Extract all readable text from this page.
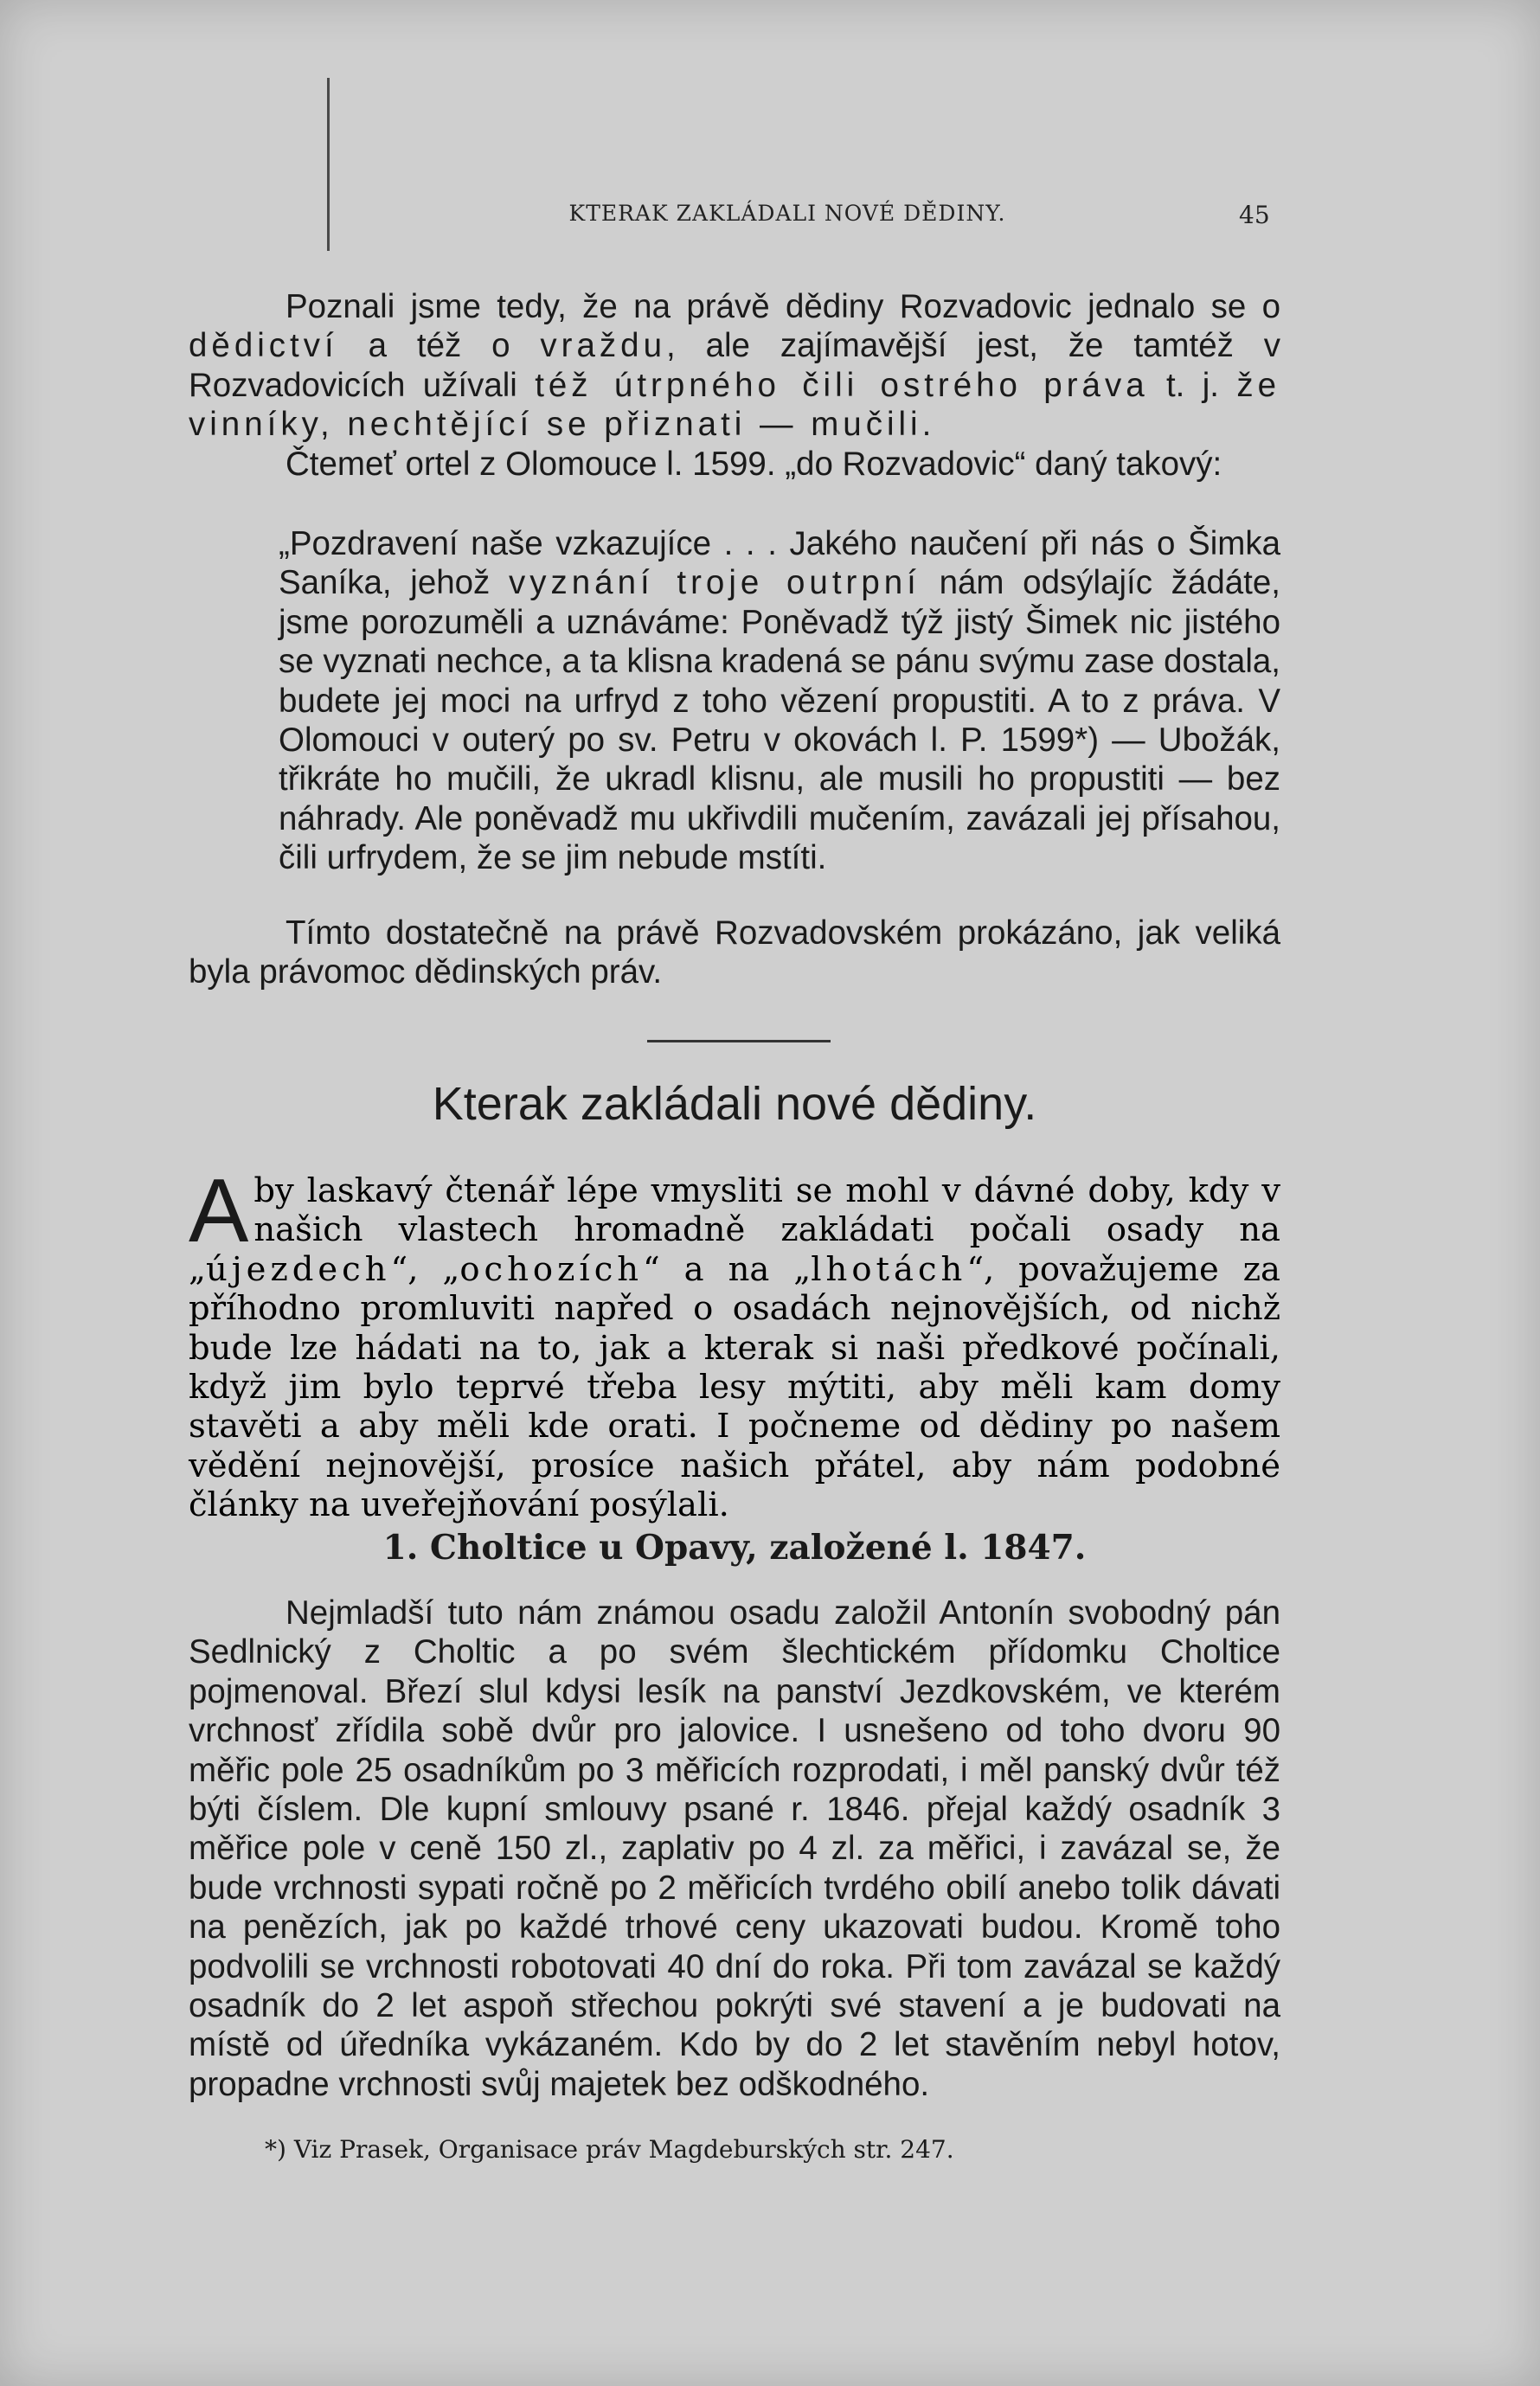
KTERAK ZAKLÁDALI NOVÉ DĚDINY.	45

Poznali jsme tedy, že na právě dědiny Rozvadovic jednalo se o dědictví a též o vraždu, ale zajímavější jest, že tamtéž v Rozvadovicích užívali též útrpného čili ostrého práva t. j. že vinníky, nechtějící se přiznati — mučili.

Čtemeť ortel z Olomouce l. 1599. „do Rozvadovic“ daný takový:

„Pozdravení naše vzkazujíce . . . Jakého naučení při nás o Šimka Saníka, jehož vyznání troje outrpní nám odsýlajíc žádáte, jsme porozuměli a uznáváme: Poněvadž týž jistý Šimek nic jistého se vyznati nechce, a ta klisna kradená se pánu svýmu zase dostala, budete jej moci na urfryd z toho vězení propustiti. A to z práva. V Olomouci v outerý po sv. Petru v okovách l. P. 1599*) — Ubožák, třikráte ho mučili, že ukradl klisnu, ale musili ho propustiti — bez náhrady. Ale poněvadž mu ukřivdili mučením, zavázali jej přísahou, čili urfrydem, že se jim nebude mstíti.

Tímto dostatečně na právě Rozvadovském prokázáno, jak veliká byla právomoc dědinských práv.

Kterak zakládali nové dědiny.

Aby laskavý čtenář lépe vmysliti se mohl v dávné doby, kdy v našich vlastech hromadně zakládati počali osady na „újezdech“, „ochozích“ a na „lhotách“, považujeme za příhodno promluviti napřed o osadách nejnovějších, od nichž bude lze hádati na to, jak a kterak si naši předkové počínali, když jim bylo teprvé třeba lesy mýtiti, aby měli kam domy stavěti a aby měli kde orati. I počneme od dědiny po našem vědění nejnovější, prosíce našich přátel, aby nám podobné články na uveřejňování posýlali.

1. Choltice u Opavy, založené l. 1847.

Nejmladší tuto nám známou osadu založil Antonín svobodný pán Sedlnický z Choltic a po svém šlechtickém přídomku Choltice pojmenoval. Březí slul kdysi lesík na panství Jezdkovském, ve kterém vrchnosť zřídila sobě dvůr pro jalovice. I usnešeno od toho dvoru 90 měřic pole 25 osadníkům po 3 měřicích rozprodati, i měl panský dvůr též býti číslem. Dle kupní smlouvy psané r. 1846. přejal každý osadník 3 měřice pole v ceně 150 zl., zaplativ po 4 zl. za měřici, i zavázal se, že bude vrchnosti sypati ročně po 2 měřicích tvrdého obilí anebo tolik dávati na penězích, jak po každé trhové ceny ukazovati budou. Kromě toho podvolili se vrchnosti robotovati 40 dní do roka. Při tom zavázal se každý osadník do 2 let aspoň střechou pokrýti své stavení a je budovati na místě od úředníka vykázaném. Kdo by do 2 let stavěním nebyl hotov, propadne vrchnosti svůj majetek bez odškodného.

*) Viz Prasek, Organisace práv Magdeburských str. 247.
